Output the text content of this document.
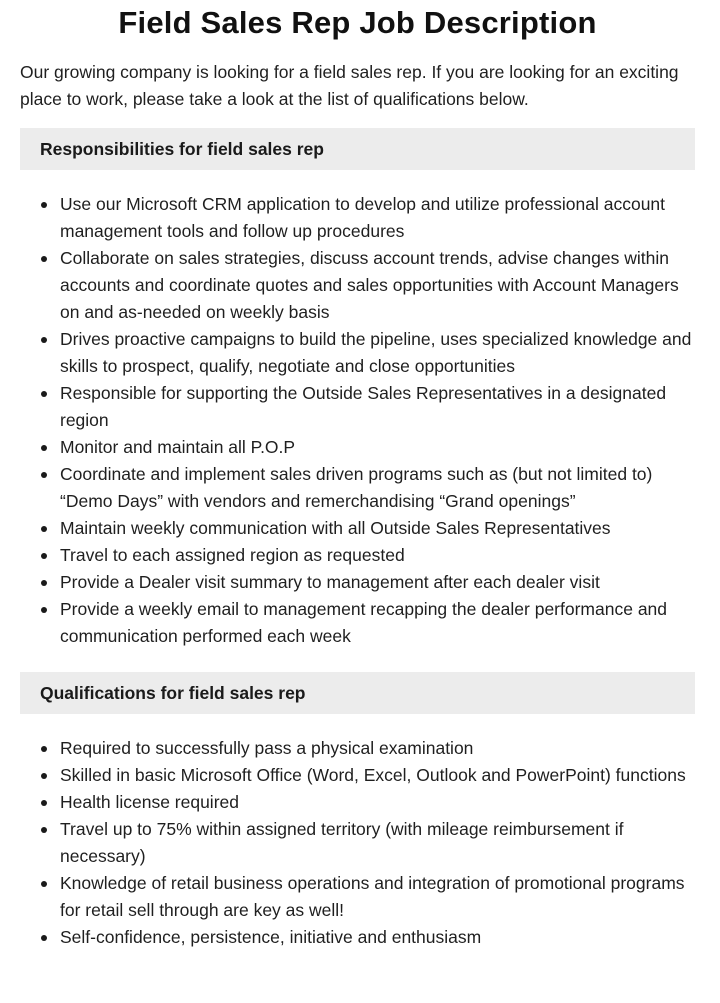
Field Sales Rep Job Description

Our growing company is looking for a field sales rep. If you are looking for an exciting place to work, please take a look at the list of qualifications below.

Responsibilities for field sales rep
Use our Microsoft CRM application to develop and utilize professional account management tools and follow up procedures
Collaborate on sales strategies, discuss account trends, advise changes within accounts and coordinate quotes and sales opportunities with Account Managers on and as-needed on weekly basis
Drives proactive campaigns to build the pipeline, uses specialized knowledge and skills to prospect, qualify, negotiate and close opportunities
Responsible for supporting the Outside Sales Representatives in a designated region
Monitor and maintain all P.O.P
Coordinate and implement sales driven programs such as (but not limited to) “Demo Days” with vendors and remerchandising “Grand openings”
Maintain weekly communication with all Outside Sales Representatives
Travel to each assigned region as requested
Provide a Dealer visit summary to management after each dealer visit
Provide a weekly email to management recapping the dealer performance and communication performed each week
Qualifications for field sales rep
Required to successfully pass a physical examination
Skilled in basic Microsoft Office (Word, Excel, Outlook and PowerPoint) functions
Health license required
Travel up to 75% within assigned territory (with mileage reimbursement if necessary)
Knowledge of retail business operations and integration of promotional programs for retail sell through are key as well!
Self-confidence, persistence, initiative and enthusiasm
